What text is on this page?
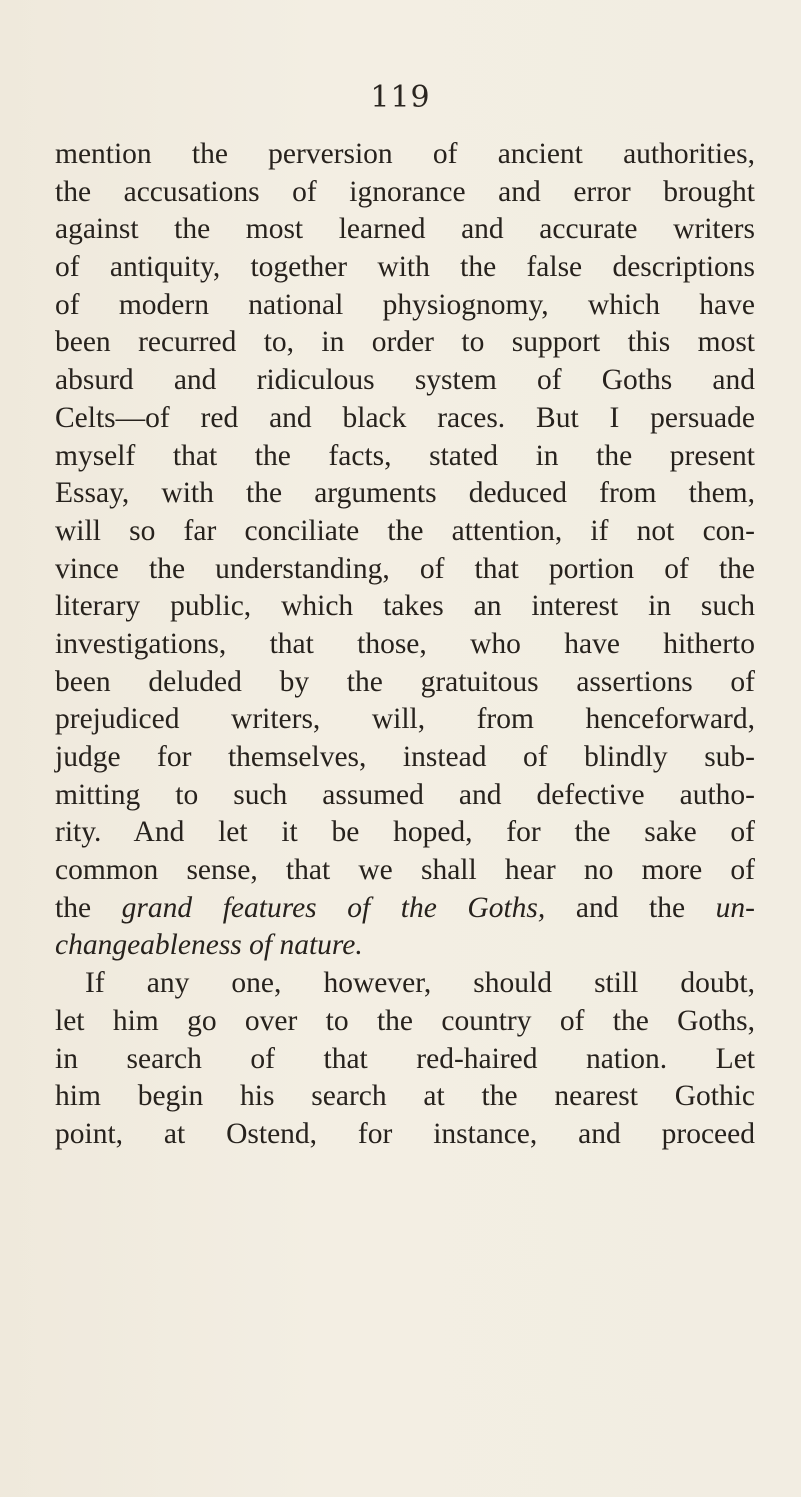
119
mention the perversion of ancient authorities,
the accusations of ignorance and error brought
against the most learned and accurate writers
of antiquity, together with the false descriptions
of modern national physiognomy, which have
been recurred to, in order to support this most
absurd and ridiculous system of Goths and
Celts—of red and black races. But I persuade
myself that the facts, stated in the present
Essay, with the arguments deduced from them,
will so far conciliate the attention, if not con-
vince the understanding, of that portion of the
literary public, which takes an interest in such
investigations, that those, who have hitherto
been deluded by the gratuitous assertions of
prejudiced writers, will, from henceforward,
judge for themselves, instead of blindly sub-
mitting to such assumed and defective autho-
rity. And let it be hoped, for the sake of
common sense, that we shall hear no more of
the grand features of the Goths, and the un-
changeableness of nature.
If any one, however, should still doubt,
let him go over to the country of the Goths,
in search of that red-haired nation. Let
him begin his search at the nearest Gothic
point, at Ostend, for instance, and proceed
